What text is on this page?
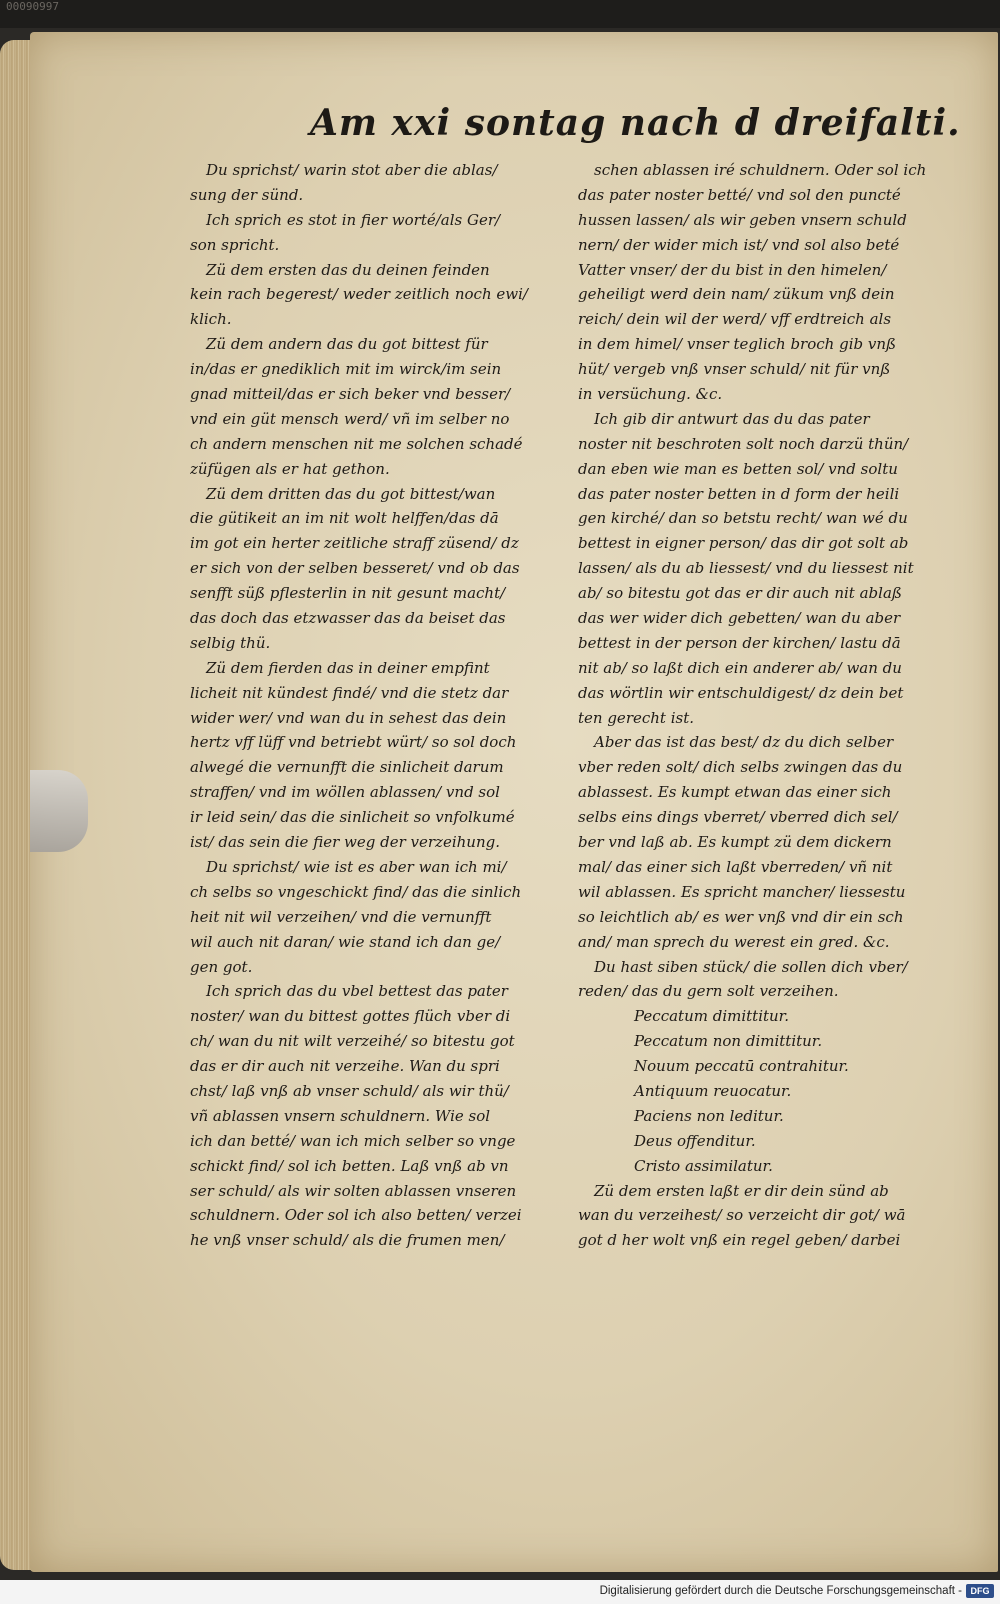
00090997
Am xxi sontag nach d dreifalti.
Du sprichst/ warin stot aber die ablas/
sung der sünd.
Ich sprich es stot in fier worté/als Ger/
son spricht.
Zü dem ersten das du deinen feinden
kein rach begerest/ weder zeitlich noch ewi/
klich.
Zü dem andern das du got bittest für
in/das er gnediklich mit im wirck/im sein
gnad mitteil/das er sich beker vnd besser/
vnd ein güt mensch werd/ vñ im selber no
ch andern menschen nit me solchen schadé
züfügen als er hat gethon.
Zü dem dritten das du got bittest/wan
die gütikeit an im nit wolt helffen/das dā
im got ein herter zeitliche straff züsend/ dz
er sich von der selben besseret/ vnd ob das
senfft süß pflesterlin in nit gesunt macht/
das doch das etzwasser das da beiset das
selbig thü.
Zü dem fierden das in deiner empfint
licheit nit kündest findé/ vnd die stetz dar
wider wer/ vnd wan du in sehest das dein
hertz vff lüff vnd betriebt würt/ so sol doch
alwegé die vernunfft die sinlicheit darum
straffen/ vnd im wöllen ablassen/ vnd sol
ir leid sein/ das die sinlicheit so vnfolkumé
ist/ das sein die fier weg der verzeihung.
Du sprichst/ wie ist es aber wan ich mi/
ch selbs so vngeschickt find/ das die sinlich
heit nit wil verzeihen/ vnd die vernunfft
wil auch nit daran/ wie stand ich dan ge/
gen got.
Ich sprich das du vbel bettest das pater
noster/ wan du bittest gottes flüch vber di
ch/ wan du nit wilt verzeihé/ so bitestu got
das er dir auch nit verzeihe. Wan du spri
chst/ laß vnß ab vnser schuld/ als wir thü/
vñ ablassen vnsern schuldnern. Wie sol
ich dan betté/ wan ich mich selber so vnge
schickt find/ sol ich betten. Laß vnß ab vn
ser schuld/ als wir solten ablassen vnseren
schuldnern. Oder sol ich also betten/ verzei
he vnß vnser schuld/ als die frumen men/
schen ablassen iré schuldnern. Oder sol ich
das pater noster betté/ vnd sol den puncté
hussen lassen/ als wir geben vnsern schuld
nern/ der wider mich ist/ vnd sol also beté
Vatter vnser/ der du bist in den himelen/
geheiligt werd dein nam/ zükum vnß dein
reich/ dein wil der werd/ vff erdtreich als
in dem himel/ vnser teglich broch gib vnß
hüt/ vergeb vnß vnser schuld/ nit für vnß
in versüchung. &c.
Ich gib dir antwurt das du das pater
noster nit beschroten solt noch darzü thün/
dan eben wie man es betten sol/ vnd soltu
das pater noster betten in d form der heili
gen kirché/ dan so betstu recht/ wan wé du
bettest in eigner person/ das dir got solt ab
lassen/ als du ab liessest/ vnd du liessest nit
ab/ so bitestu got das er dir auch nit ablaß
das wer wider dich gebetten/ wan du aber
bettest in der person der kirchen/ lastu dā
nit ab/ so laßt dich ein anderer ab/ wan du
das wörtlin wir entschuldigest/ dz dein bet
ten gerecht ist.
Aber das ist das best/ dz du dich selber
vber reden solt/ dich selbs zwingen das du
ablassest. Es kumpt etwan das einer sich
selbs eins dings vberret/ vberred dich sel/
ber vnd laß ab. Es kumpt zü dem dickern
mal/ das einer sich laßt vberreden/ vñ nit
wil ablassen. Es spricht mancher/ liessestu
so leichtlich ab/ es wer vnß vnd dir ein sch
and/ man sprech du werest ein gred. &c.
Du hast siben stück/ die sollen dich vber/
reden/ das du gern solt verzeihen.
Peccatum dimittitur.
Peccatum non dimittitur.
Nouum peccatū contrahitur.
Antiquum reuocatur.
Paciens non leditur.
Deus offenditur.
Cristo assimilatur.
Zü dem ersten laßt er dir dein sünd ab
wan du verzeihest/ so verzeicht dir got/ wā
got d her wolt vnß ein regel geben/ darbei
Digitalisierung gefördert durch die Deutsche Forschungsgemeinschaft - DFG
